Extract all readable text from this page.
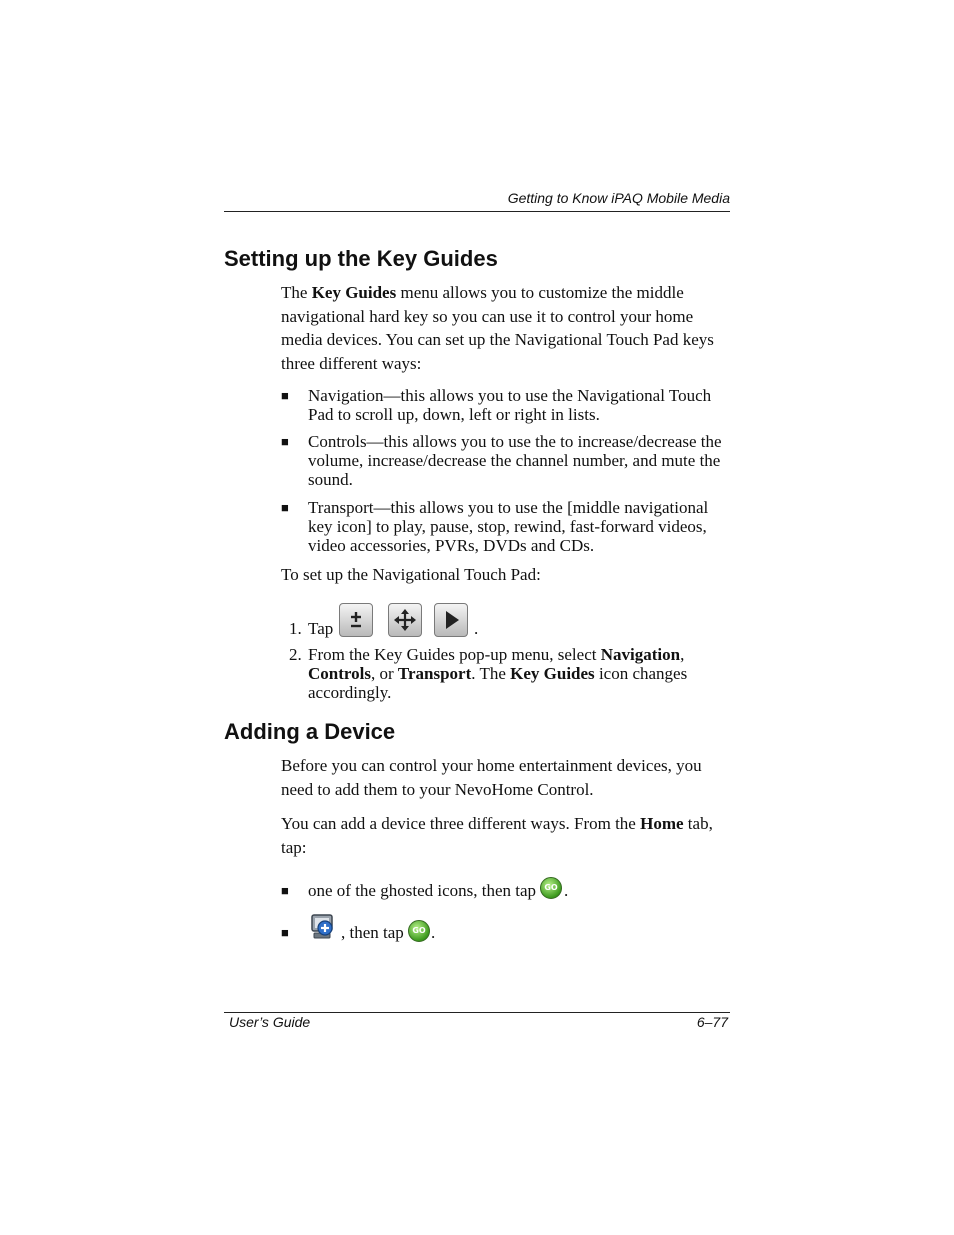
Getting to Know iPAQ Mobile Media
Setting up the Key Guides
The Key Guides menu allows you to customize the middle navigational hard key so you can use it to control your home media devices. You can set up the Navigational Touch Pad keys three different ways:
■ Navigation—this allows you to use the Navigational Touch Pad to scroll up, down, left or right in lists.
■ Controls—this allows you to use the to increase/decrease the volume, increase/decrease the channel number, and mute the sound.
■ Transport—this allows you to use the [middle navigational key icon] to play, pause, stop, rewind, fast-forward videos, video accessories, PVRs, DVDs and CDs.
To set up the Navigational Touch Pad:
1. Tap	.
2. From the Key Guides pop-up menu, select Navigation, Controls, or Transport. The Key Guides icon changes accordingly.
Adding a Device
Before you can control your home entertainment devices, you need to add them to your NevoHome Control.
You can add a device three different ways. From the Home tab, tap:
■ one of the ghosted icons, then tap	GO .
■	, then tap	GO .
User’s Guide	6–77
